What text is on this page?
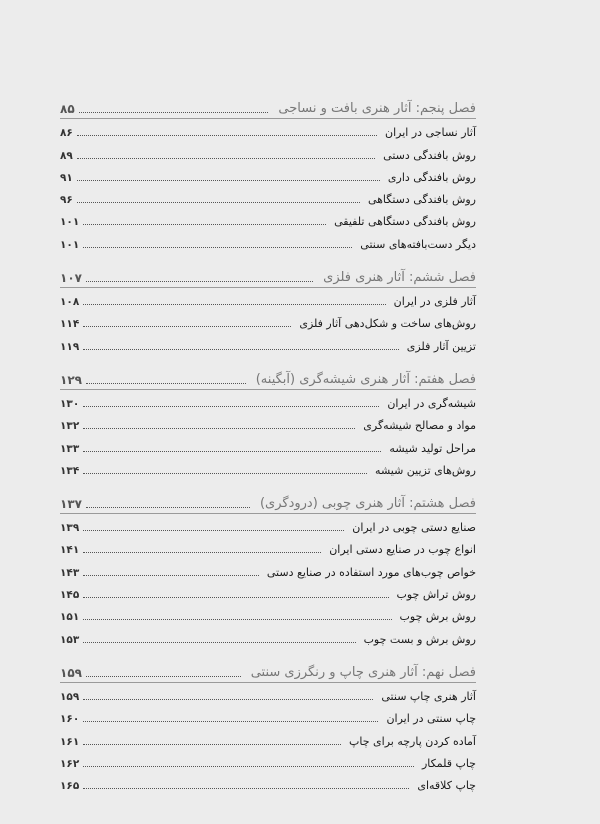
فصل پنجم: آثار هنری بافت و نساجی
۸۵
آثار نساجی در ایران
۸۶
روش بافندگی دستی
۸۹
روش بافندگی داری
۹۱
روش بافندگی دستگاهی
۹۶
روش بافندگی دستگاهی تلفیقی
۱۰۱
دیگر دست‌بافته‌های سنتی
۱۰۱
فصل ششم: آثار هنری فلزی
۱۰۷
آثار فلزی در ایران
۱۰۸
روش‌های ساخت و شکل‌دهی آثار فلزی
۱۱۴
تزیین آثار فلزی
۱۱۹
فصل هفتم: آثار هنری شیشه‌گری (آبگینه)
۱۲۹
شیشه‌گری در ایران
۱۳۰
مواد و مصالح شیشه‌گری
۱۳۲
مراحل تولید شیشه
۱۳۳
روش‌های تزیین شیشه
۱۳۴
فصل هشتم: آثار هنری چوبی (درودگری)
۱۳۷
صنایع دستی چوبی در ایران
۱۳۹
انواع چوب در صنایع دستی ایران
۱۴۱
خواص چوب‌های مورد استفاده در صنایع دستی
۱۴۳
روش تراش چوب
۱۴۵
روش برش چوب
۱۵۱
روش برش و بست چوب
۱۵۳
فصل نهم: آثار هنری چاپ و رنگرزی سنتی
۱۵۹
آثار هنری چاپ سنتی
۱۵۹
چاپ سنتی در ایران
۱۶۰
آماده کردن پارچه برای چاپ
۱۶۱
چاپ قلمکار
۱۶۲
چاپ کلاقه‌ای
۱۶۵
